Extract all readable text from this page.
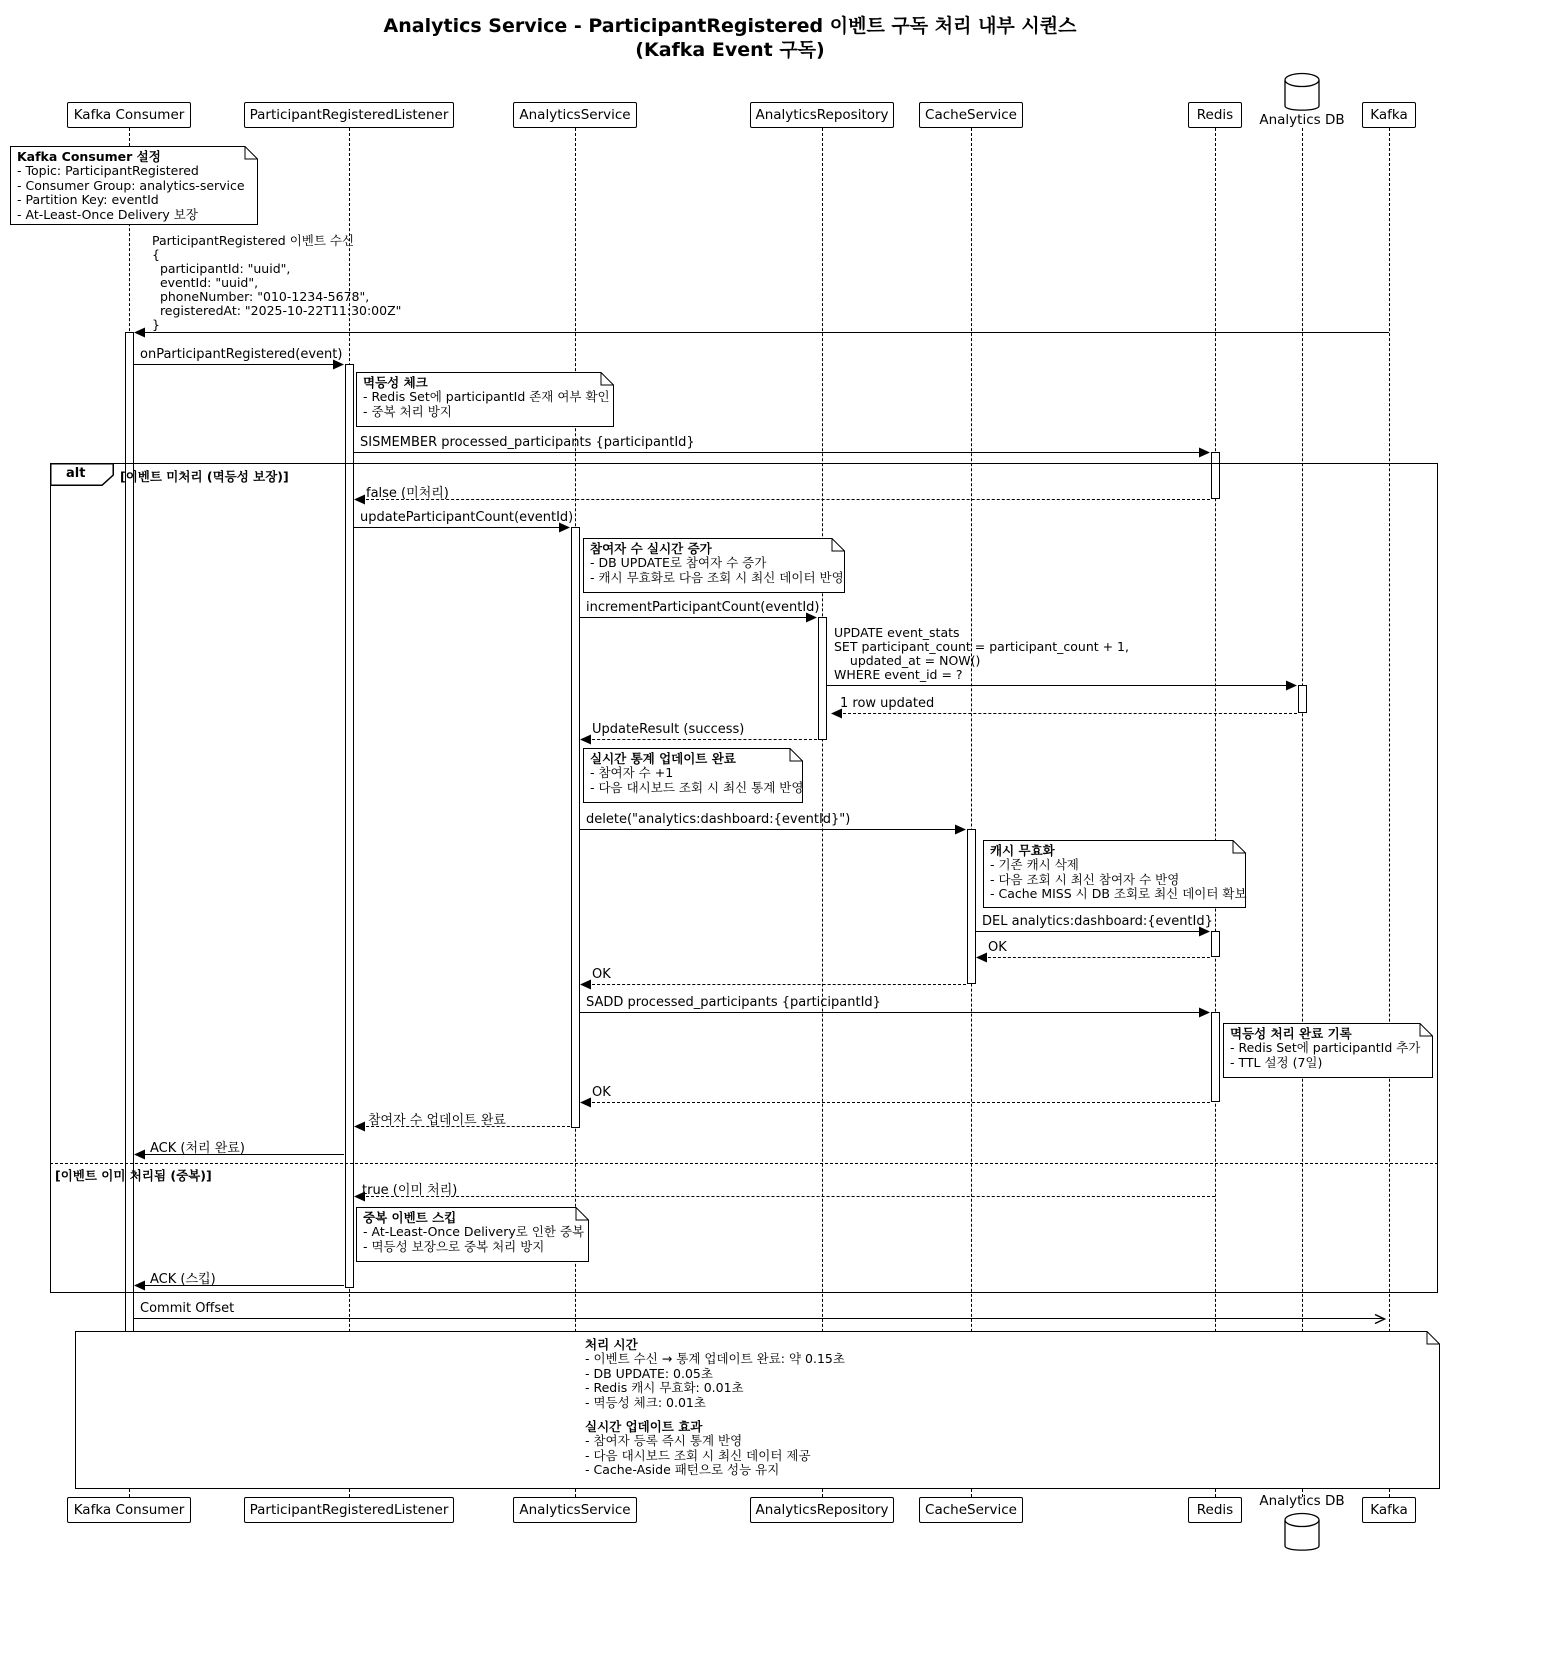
Analytics Service - ParticipantRegistered 이벤트 구독 처리 내부 시퀀스
(Kafka Event 구독)
alt	[이벤트 미처리 (멱등성 보장)]
[이벤트 이미 처리됨 (중복)]
ParticipantRegistered 이벤트 수신
{
participantId: "uuid",
eventId: "uuid",
phoneNumber: "010-1234-5678",
registeredAt: "2025-10-22T11:30:00Z"
}
onParticipantRegistered(event)
SISMEMBER processed_participants {participantId}
false (미처리)
updateParticipantCount(eventId)
incrementParticipantCount(eventId)
UPDATE event_stats
SET participant_count = participant_count + 1,
updated_at = NOW()
WHERE event_id = ?
1 row updated
UpdateResult (success)
delete("analytics:dashboard:{eventId}")
DEL analytics:dashboard:{eventId}
OK
OK
SADD processed_participants {participantId}
OK
참여자 수 업데이트 완료
ACK (처리 완료)
true (이미 처리)
ACK (스킵)
Commit Offset
Kafka Consumer 설정
- Topic: ParticipantRegistered
- Consumer Group: analytics-service
- Partition Key: eventId
- At-Least-Once Delivery 보장
멱등성 체크
- Redis Set에 participantId 존재 여부 확인
- 중복 처리 방지
참여자 수 실시간 증가
- DB UPDATE로 참여자 수 증가
- 캐시 무효화로 다음 조회 시 최신 데이터 반영
실시간 통계 업데이트 완료
- 참여자 수 +1
- 다음 대시보드 조회 시 최신 통계 반영
캐시 무효화
- 기존 캐시 삭제
- 다음 조회 시 최신 참여자 수 반영
- Cache MISS 시 DB 조회로 최신 데이터 확보
멱등성 처리 완료 기록
- Redis Set에 participantId 추가
- TTL 설정 (7일)
중복 이벤트 스킵
- At-Least-Once Delivery로 인한 중복
- 멱등성 보장으로 중복 처리 방지
처리 시간
- 이벤트 수신 → 통계 업데이트 완료: 약 0.15초
- DB UPDATE: 0.05초
- Redis 캐시 무효화: 0.01초
- 멱등성 체크: 0.01초
실시간 업데이트 효과
- 참여자 등록 즉시 통계 반영
- 다음 대시보드 조회 시 최신 데이터 제공
- Cache-Aside 패턴으로 성능 유지
Kafka Consumer
Kafka Consumer
ParticipantRegisteredListener
ParticipantRegisteredListener
AnalyticsService
AnalyticsService
AnalyticsRepository
AnalyticsRepository
CacheService
CacheService
Redis
Redis
Analytics DB
Analytics DB
Kafka
Kafka
